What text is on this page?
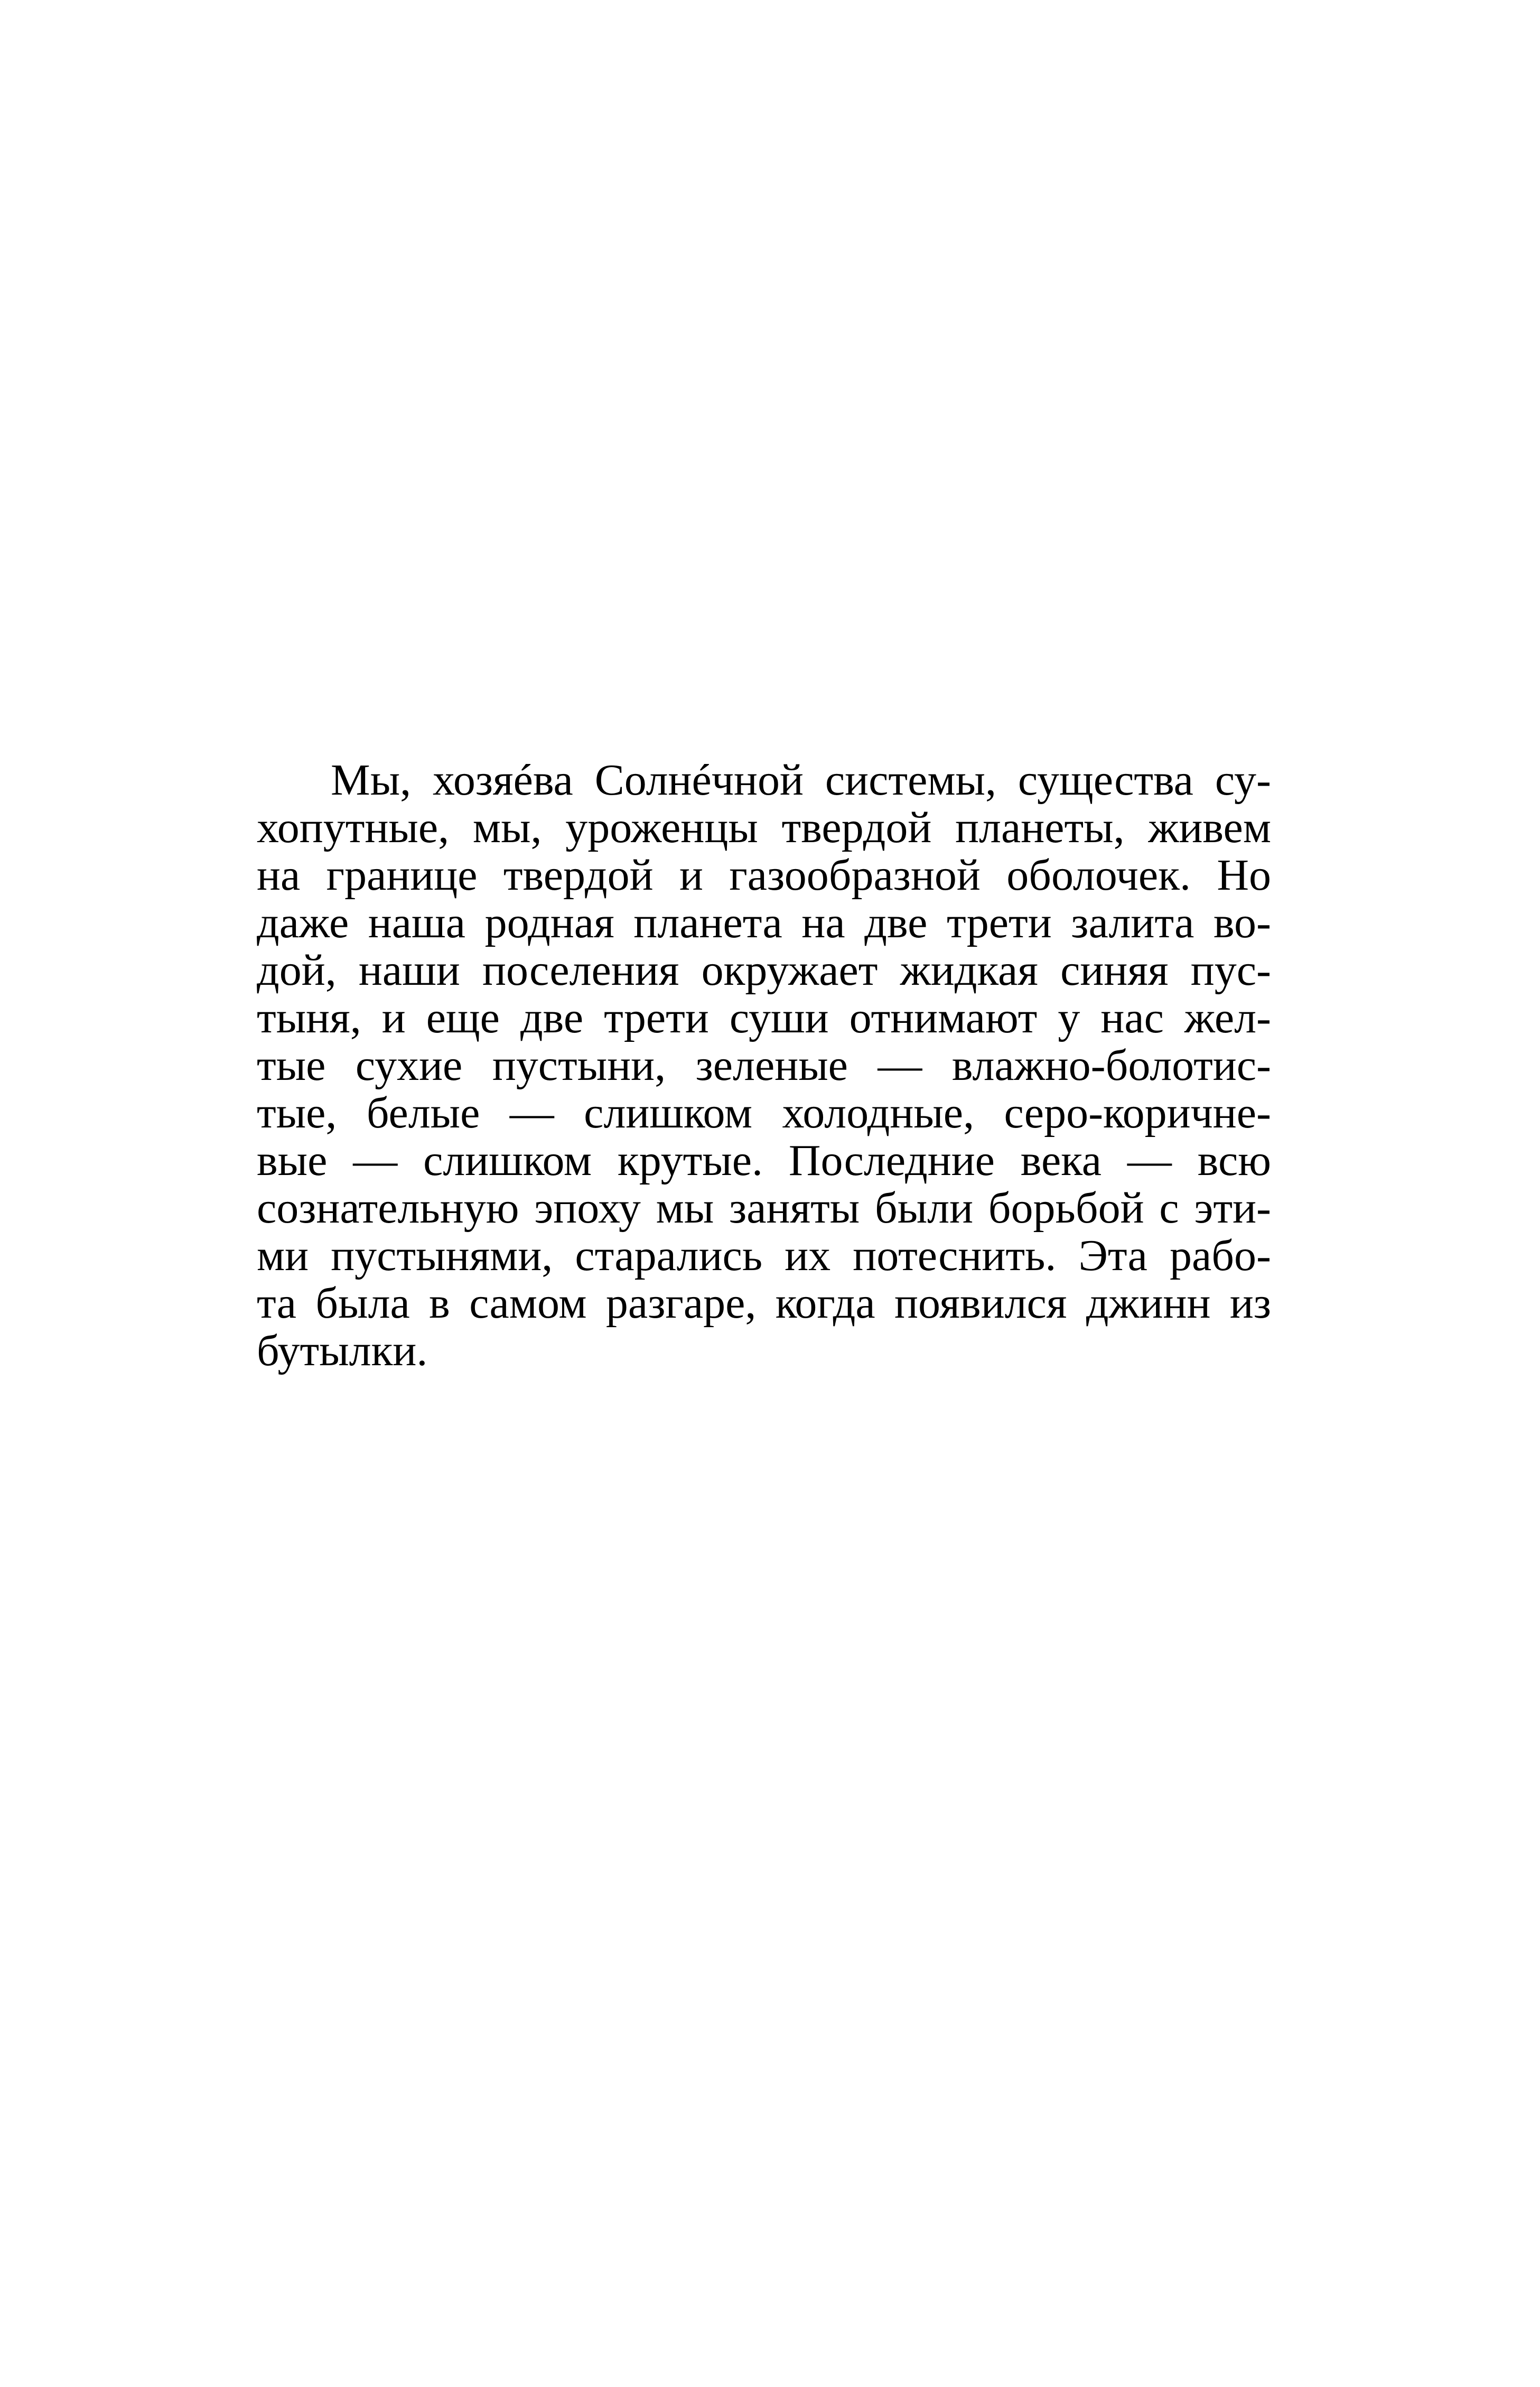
Мы, хозяéва Солнéчной системы, существа су-
хопутные, мы, уроженцы твердой планеты, живем
на границе твердой и газообразной оболочек. Но
даже наша родная планета на две трети залита во-
дой, наши поселения окружает жидкая синяя пус-
тыня, и еще две трети суши отнимают у нас жел-
тые сухие пустыни, зеленые — влажно-болотис-
тые, белые — слишком холодные, серо-коричне-
вые — слишком крутые. Последние века — всю
сознательную эпоху мы заняты были борьбой с эти-
ми пустынями, старались их потеснить. Эта рабо-
та была в самом разгаре, когда появился джинн из
бутылки.
